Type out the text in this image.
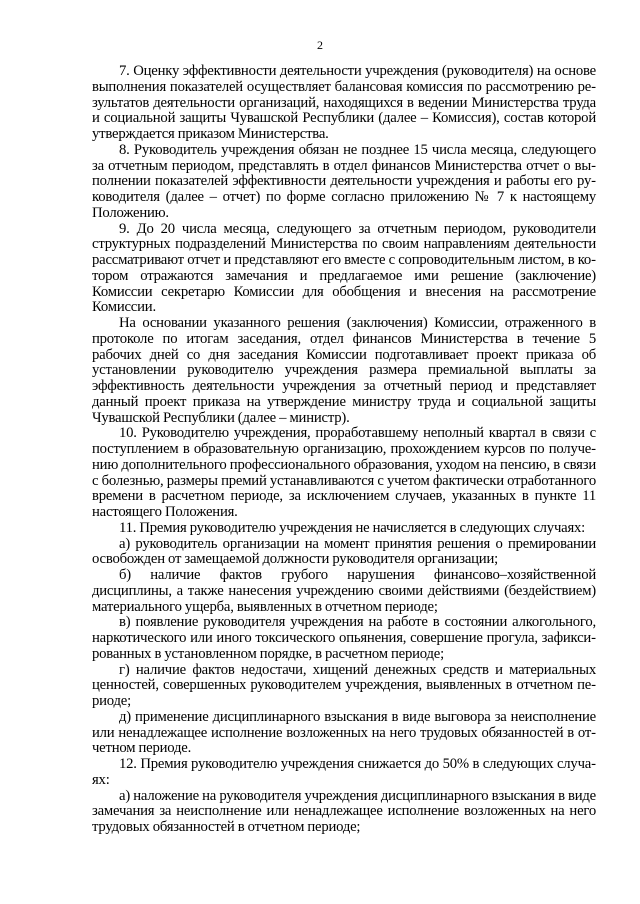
2

7. Оценку эффективности деятельности учреждения (руководителя) на основе выполнения показателей осуществляет балансовая комиссия по рассмотрению результатов деятельности организаций, находящихся в ведении Министерства труда и социальной защиты Чувашской Республики (далее – Комиссия), состав которой утверждается приказом Министерства.

8. Руководитель учреждения обязан не позднее 15 числа месяца, следующего за отчетным периодом, представлять в отдел финансов Министерства отчет о выполнении показателей эффективности деятельности учреждения и работы его руководителя (далее – отчет) по форме согласно приложению № 7 к настоящему Положению.

9. До 20 числа месяца, следующего за отчетным периодом, руководители структурных подразделений Министерства по своим направлениям деятельности рассматривают отчет и представляют его вместе с сопроводительным листом, в котором отражаются замечания и предлагаемое ими решение (заключение) Комиссии секретарю Комиссии для обобщения и внесения на рассмотрение Комиссии.

На основании указанного решения (заключения) Комиссии, отраженного в протоколе по итогам заседания, отдел финансов Министерства в течение 5 рабочих дней со дня заседания Комиссии подготавливает проект приказа об установлении руководителю учреждения размера премиальной выплаты за эффективность деятельности учреждения за отчетный период и представляет данный проект приказа на утверждение министру труда и социальной защиты Чувашской Республики (далее – министр).

10. Руководителю учреждения, проработавшему неполный квартал в связи с поступлением в образовательную организацию, прохождением курсов по получению дополнительного профессионального образования, уходом на пенсию, в связи с болезнью, размеры премий устанавливаются с учетом фактически отработанного времени в расчетном периоде, за исключением случаев, указанных в пункте 11 настоящего Положения.

11. Премия руководителю учреждения не начисляется в следующих случаях:

а) руководитель организации на момент принятия решения о премировании освобожден от замещаемой должности руководителя организации;

б) наличие фактов грубого нарушения финансово–хозяйственной дисциплины, а также нанесения учреждению своими действиями (бездействием) материального ущерба, выявленных в отчетном периоде;

в) появление руководителя учреждения на работе в состоянии алкогольного, наркотического или иного токсического опьянения, совершение прогула, зафиксированных в установленном порядке, в расчетном периоде;

г) наличие фактов недостачи, хищений денежных средств и материальных ценностей, совершенных руководителем учреждения, выявленных в отчетном периоде;

д) применение дисциплинарного взыскания в виде выговора за неисполнение или ненадлежащее исполнение возложенных на него трудовых обязанностей в отчетном периоде.

12. Премия руководителю учреждения снижается до 50% в следующих случаях:

а) наложение на руководителя учреждения дисциплинарного взыскания в виде замечания за неисполнение или ненадлежащее исполнение возложенных на него трудовых обязанностей в отчетном периоде;
